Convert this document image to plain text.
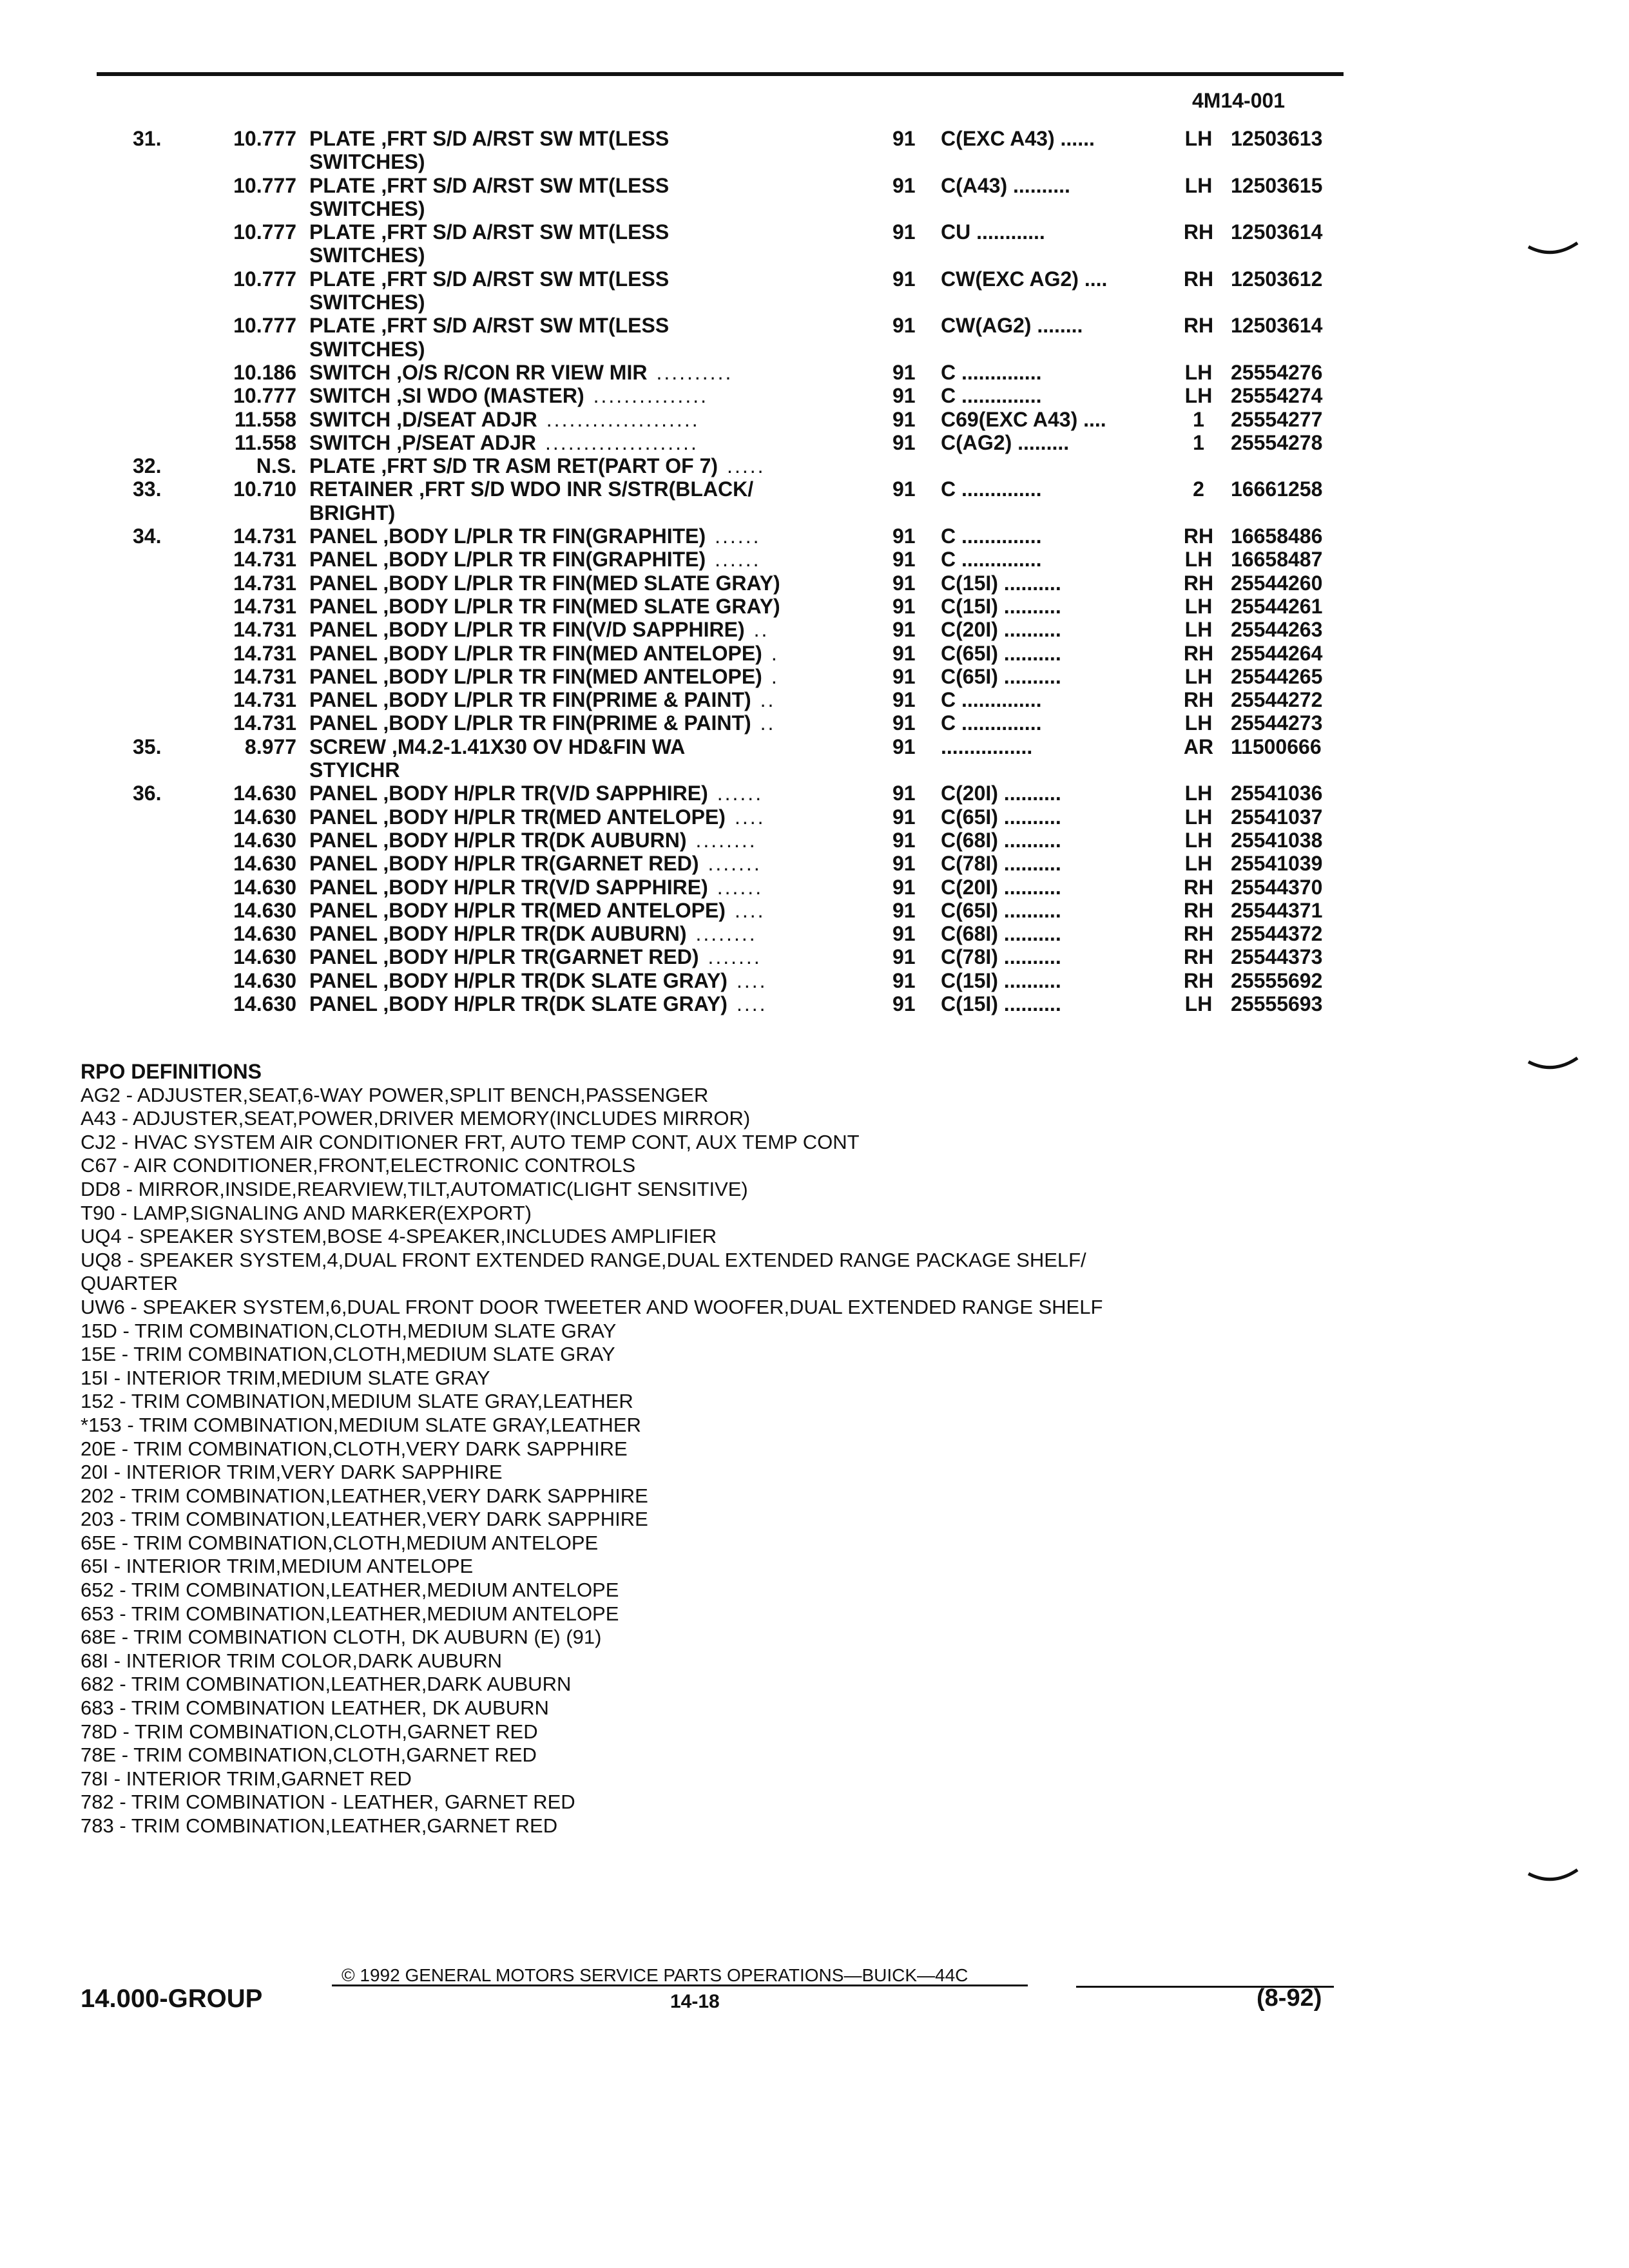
4M14-001
31.	10.777 PLATE ,FRT S/D A/RST SW MT(LESS	91 C(EXC A43) ......	LH 12503613
SWITCHES)
10.777 PLATE ,FRT S/D A/RST SW MT(LESS	91 C(A43) ..........	LH 12503615
SWITCHES)
10.777 PLATE ,FRT S/D A/RST SW MT(LESS	91 CU ............	RH 12503614
SWITCHES)
10.777 PLATE ,FRT S/D A/RST SW MT(LESS	91 CW(EXC AG2) ....	RH 12503612
SWITCHES)
10.777 PLATE ,FRT S/D A/RST SW MT(LESS	91 CW(AG2) ........	RH 12503614
SWITCHES)
10.186 SWITCH ,O/S R/CON RR VIEW MIR ..........	91 C ..............	LH 25554276
10.777 SWITCH ,SI WDO (MASTER) ...............	91 C ..............	LH 25554274
11.558 SWITCH ,D/SEAT ADJR ....................	91 C69(EXC A43) ....	1	25554277
11.558 SWITCH ,P/SEAT ADJR ....................	91 C(AG2) .........	1	25554278
32.	N.S. PLATE ,FRT S/D TR ASM RET(PART OF 7) .....
33.	10.710 RETAINER ,FRT S/D WDO INR S/STR(BLACK/	91 C ..............	2	16661258
BRIGHT)
34.	14.731 PANEL ,BODY L/PLR TR FIN(GRAPHITE) ......	91 C ..............	RH 16658486
14.731 PANEL ,BODY L/PLR TR FIN(GRAPHITE) ......	91 C ..............	LH 16658487
14.731 PANEL ,BODY L/PLR TR FIN(MED SLATE GRAY)	91 C(15I) ..........	RH 25544260
14.731 PANEL ,BODY L/PLR TR FIN(MED SLATE GRAY)	91 C(15I) ..........	LH 25544261
14.731 PANEL ,BODY L/PLR TR FIN(V/D SAPPHIRE) ..	91 C(20I) ..........	LH 25544263
14.731 PANEL ,BODY L/PLR TR FIN(MED ANTELOPE) .	91 C(65I) ..........	RH 25544264
14.731 PANEL ,BODY L/PLR TR FIN(MED ANTELOPE) .	91 C(65I) ..........	LH 25544265
14.731 PANEL ,BODY L/PLR TR FIN(PRIME & PAINT) ..	91 C ..............	RH 25544272
14.731 PANEL ,BODY L/PLR TR FIN(PRIME & PAINT) ..	91 C ..............	LH 25544273
35.	8.977 SCREW ,M4.2-1.41X30 OV HD&FIN WA	91 ................	AR 11500666
STYICHR
36.	14.630 PANEL ,BODY H/PLR TR(V/D SAPPHIRE) ......	91 C(20I) ..........	LH 25541036
14.630 PANEL ,BODY H/PLR TR(MED ANTELOPE) ....	91 C(65I) ..........	LH 25541037
14.630 PANEL ,BODY H/PLR TR(DK AUBURN) ........	91 C(68I) ..........	LH 25541038
14.630 PANEL ,BODY H/PLR TR(GARNET RED) .......	91 C(78I) ..........	LH 25541039
14.630 PANEL ,BODY H/PLR TR(V/D SAPPHIRE) ......	91 C(20I) ..........	RH 25544370
14.630 PANEL ,BODY H/PLR TR(MED ANTELOPE) ....	91 C(65I) ..........	RH 25544371
14.630 PANEL ,BODY H/PLR TR(DK AUBURN) ........	91 C(68I) ..........	RH 25544372
14.630 PANEL ,BODY H/PLR TR(GARNET RED) .......	91 C(78I) ..........	RH 25544373
14.630 PANEL ,BODY H/PLR TR(DK SLATE GRAY) ....	91 C(15I) ..........	RH 25555692
14.630 PANEL ,BODY H/PLR TR(DK SLATE GRAY) ....	91 C(15I) ..........	LH 25555693
RPO DEFINITIONS
AG2 - ADJUSTER,SEAT,6-WAY POWER,SPLIT BENCH,PASSENGER
A43 - ADJUSTER,SEAT,POWER,DRIVER MEMORY(INCLUDES MIRROR)
CJ2 - HVAC SYSTEM AIR CONDITIONER FRT, AUTO TEMP CONT, AUX TEMP CONT
C67 - AIR CONDITIONER,FRONT,ELECTRONIC CONTROLS
DD8 - MIRROR,INSIDE,REARVIEW,TILT,AUTOMATIC(LIGHT SENSITIVE)
T90 - LAMP,SIGNALING AND MARKER(EXPORT)
UQ4 - SPEAKER SYSTEM,BOSE 4-SPEAKER,INCLUDES AMPLIFIER
UQ8 - SPEAKER SYSTEM,4,DUAL FRONT EXTENDED RANGE,DUAL EXTENDED RANGE PACKAGE SHELF/
QUARTER
UW6 - SPEAKER SYSTEM,6,DUAL FRONT DOOR TWEETER AND WOOFER,DUAL EXTENDED RANGE SHELF
15D - TRIM COMBINATION,CLOTH,MEDIUM SLATE GRAY
15E - TRIM COMBINATION,CLOTH,MEDIUM SLATE GRAY
15I - INTERIOR TRIM,MEDIUM SLATE GRAY
152 - TRIM COMBINATION,MEDIUM SLATE GRAY,LEATHER
*153 - TRIM COMBINATION,MEDIUM SLATE GRAY,LEATHER
20E - TRIM COMBINATION,CLOTH,VERY DARK SAPPHIRE
20I - INTERIOR TRIM,VERY DARK SAPPHIRE
202 - TRIM COMBINATION,LEATHER,VERY DARK SAPPHIRE
203 - TRIM COMBINATION,LEATHER,VERY DARK SAPPHIRE
65E - TRIM COMBINATION,CLOTH,MEDIUM ANTELOPE
65I - INTERIOR TRIM,MEDIUM ANTELOPE
652 - TRIM COMBINATION,LEATHER,MEDIUM ANTELOPE
653 - TRIM COMBINATION,LEATHER,MEDIUM ANTELOPE
68E - TRIM COMBINATION CLOTH, DK AUBURN (E) (91)
68I - INTERIOR TRIM COLOR,DARK AUBURN
682 - TRIM COMBINATION,LEATHER,DARK AUBURN
683 - TRIM COMBINATION LEATHER, DK AUBURN
78D - TRIM COMBINATION,CLOTH,GARNET RED
78E - TRIM COMBINATION,CLOTH,GARNET RED
78I - INTERIOR TRIM,GARNET RED
782 - TRIM COMBINATION - LEATHER, GARNET RED
783 - TRIM COMBINATION,LEATHER,GARNET RED
© 1992 GENERAL MOTORS SERVICE PARTS OPERATIONS—BUICK—44C
14.000-GROUP	14-18	(8-92)
